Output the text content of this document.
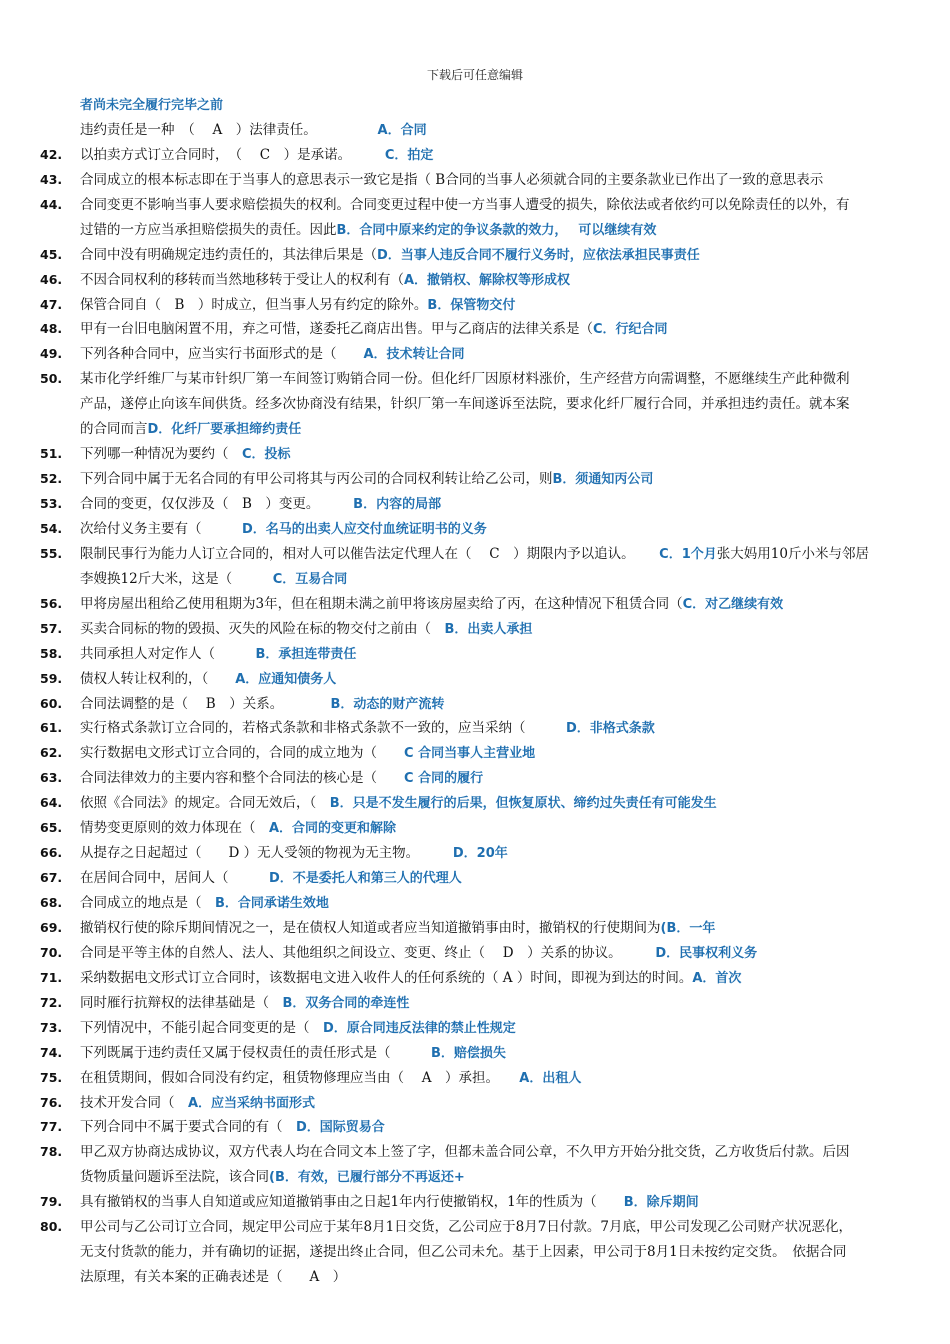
下载后可任意编辑
者尚未完全履行完毕之前
违约责任是一种　（　 A　）法律责任。　　　　　A．合同
42.	以拍卖方式订立合同时，　（　 C　）是承诺。　　　C．拍定
43.	合同成立的根本标志即在于当事人的意思表示一致它是指（ B合同的当事人必须就合同的主要条款业已作出了一致的意思表示
44.	合同变更不影响当事人要求赔偿损失的权利。合同变更过程中使一方当事人遭受的损失，除依法或者依约可以免除责任的以外，有
过错的一方应当承担赔偿损失的责任。因此B．合同中原来约定的争议条款的效力，　 可以继续有效
45.	合同中没有明确规定违约责任的，其法律后果是（D．当事人违反合同不履行义务时，应依法承担民事责任
46.	不因合同权利的移转而当然地移转于受让人的权利有（A．撤销权、解除权等形成权
47.	保管合同自（　B　）时成立，但当事人另有约定的除外。B．保管物交付
48.	甲有一台旧电脑闲置不用，弃之可惜，遂委托乙商店出售。甲与乙商店的法律关系是（C．行纪合同
49.	下列各种合同中，应当实行书面形式的是（　　A．技术转让合同
50.	某市化学纤维厂与某市针织厂第一车间签订购销合同一份。但化纤厂因原材料涨价，生产经营方向需调整，不愿继续生产此种微利
产品，遂停止向该车间供货。经多次协商没有结果，针织厂第一车间遂诉至法院，要求化纤厂履行合同，并承担违约责任。就本案
的合同而言D．化纤厂要承担缔约责任
51.	下列哪一种情况为要约（　C．投标
52.	下列合同中属于无名合同的有甲公司将其与丙公司的合同权利转让给乙公司，则B．须通知丙公司
53.	合同的变更，仅仅涉及（　B　）变更。　　　B．内容的局部
54.	次给付义务主要有（　　　D．名马的出卖人应交付血统证明书的义务
55.	限制民事行为能力人订立合同的，相对人可以催告法定代理人在（　 C　）期限内予以追认。　　 C．1个月张大妈用10斤小米与邻居
李嫂换12斤大米，这是（　　　C．互易合同
56.	甲将房屋出租给乙使用租期为3年，但在租期未满之前甲将该房屋卖给了丙，在这种情况下租赁合同（C．对乙继续有效
57.	买卖合同标的物的毁损、灭失的风险在标的物交付之前由（　B．出卖人承担
58.	共同承担人对定作人（　　　B．承担连带责任
59.	债权人转让权利的，（　　A．应通知债务人
60.	合同法调整的是（　 B　）关系。　　　　B．动态的财产流转
61.	实行格式条款订立合同的，若格式条款和非格式条款不一致的，应当采纳（　　　D．非格式条款
62.	实行数据电文形式订立合同的，合同的成立地为（　　C 合同当事人主营业地
63.	合同法律效力的主要内容和整个合同法的核心是（　　C 合同的履行
64.	依照《合同法》的规定。合同无效后，（　B．只是不发生履行的后果，但恢复原状、缔约过失责任有可能发生
65.	情势变更原则的效力体现在（　A．合同的变更和解除
66.	从提存之日起超过（　　D ）无人受领的物视为无主物。　　　D．20年
67.	在居间合同中，居间人（　　　D．不是委托人和第三人的代理人
68.	合同成立的地点是（　B．合同承诺生效地
69.	撤销权行使的除斥期间情况之一，是在债权人知道或者应当知道撤销事由时，撤销权的行使期间为(B．一年
70.	合同是平等主体的自然人、法人、其他组织之间设立、变更、终止（　 D　）关系的协议。　　　D．民事权利义务
71.	采纳数据电文形式订立合同时，该数据电文进入收件人的任何系统的（ A ）时间，即视为到达的时间。A．首次
72.	同时雁行抗辩权的法律基础是（　B．双务合同的牵连性
73.	下列情况中，不能引起合同变更的是（　D．原合同违反法律的禁止性规定
74.	下列既属于违约责任又属于侵权责任的责任形式是（　　　B．赔偿损失
75.	在租赁期间，假如合同没有约定，租赁物修理应当由（　 A　）承担。　　A．出租人
76.	技术开发合同（　A．应当采纳书面形式
77.	下列合同中不属于要式合同的有（　D．国际贸易合
78.	甲乙双方协商达成协议，双方代表人均在合同文本上签了字，但都未盖合同公章，不久甲方开始分批交货，乙方收货后付款。后因
货物质量问题诉至法院，该合同(B．有效，已履行部分不再返还+
79.	具有撤销权的当事人自知道或应知道撤销事由之日起1年内行使撤销权，1年的性质为（　　B．除斥期间
80.	甲公司与乙公司订立合同，规定甲公司应于某年8月1日交货，乙公司应于8月7日付款。7月底，甲公司发现乙公司财产状况恶化，
无支付货款的能力，并有确切的证据，遂提出终止合同，但乙公司未允。基于上因素，甲公司于8月1日未按约定交货。　依据合同
法原理，有关本案的正确表述是（　　A　）
